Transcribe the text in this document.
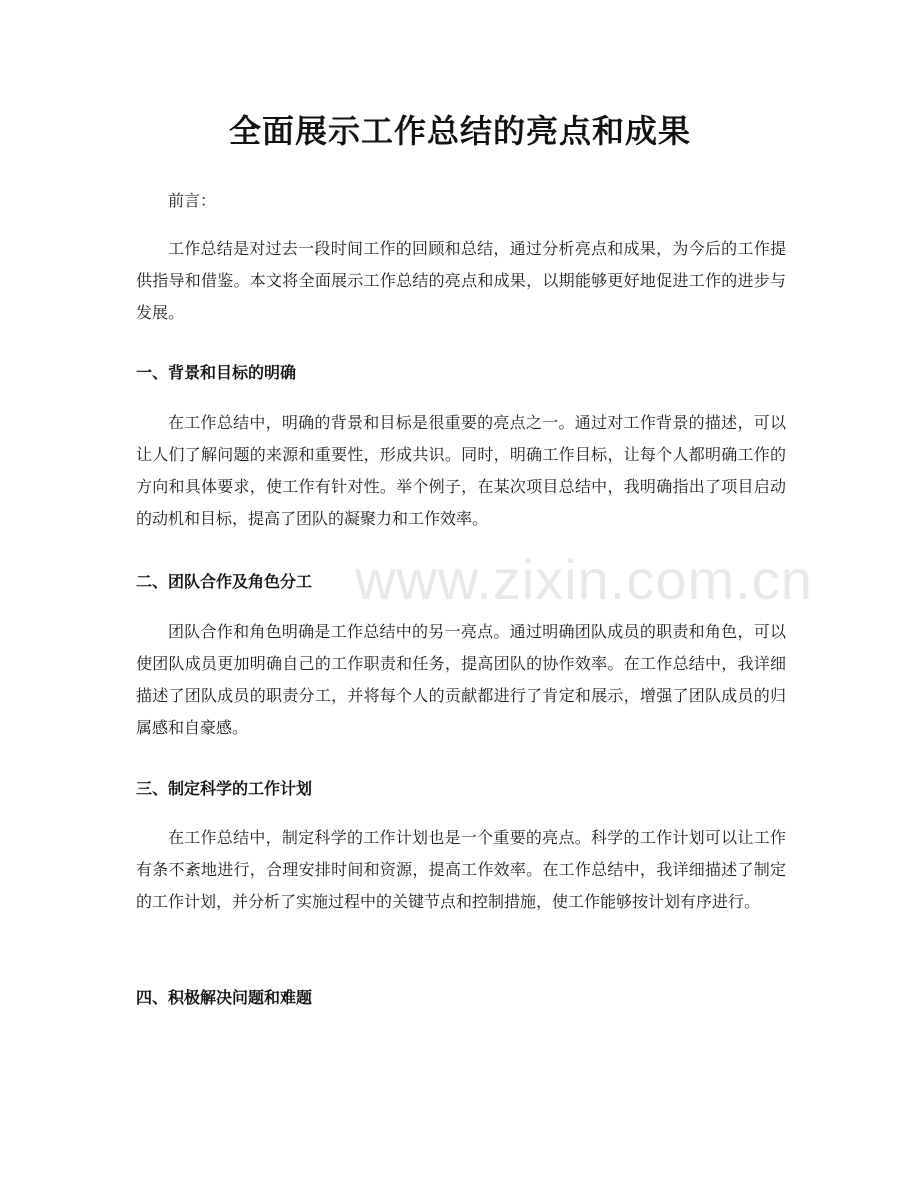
全面展示工作总结的亮点和成果

前言：

工作总结是对过去一段时间工作的回顾和总结，通过分析亮点和成果，为今后的工作提供指导和借鉴。本文将全面展示工作总结的亮点和成果，以期能够更好地促进工作的进步与发展。

一、背景和目标的明确

在工作总结中，明确的背景和目标是很重要的亮点之一。通过对工作背景的描述，可以让人们了解问题的来源和重要性，形成共识。同时，明确工作目标，让每个人都明确工作的方向和具体要求，使工作有针对性。举个例子，在某次项目总结中，我明确指出了项目启动的动机和目标，提高了团队的凝聚力和工作效率。

二、团队合作及角色分工

团队合作和角色明确是工作总结中的另一亮点。通过明确团队成员的职责和角色，可以使团队成员更加明确自己的工作职责和任务，提高团队的协作效率。在工作总结中，我详细描述了团队成员的职责分工，并将每个人的贡献都进行了肯定和展示，增强了团队成员的归属感和自豪感。

三、制定科学的工作计划

在工作总结中，制定科学的工作计划也是一个重要的亮点。科学的工作计划可以让工作有条不紊地进行，合理安排时间和资源，提高工作效率。在工作总结中，我详细描述了制定的工作计划，并分析了实施过程中的关键节点和控制措施，使工作能够按计划有序进行。

四、积极解决问题和难题
www.zixin.com.cn
